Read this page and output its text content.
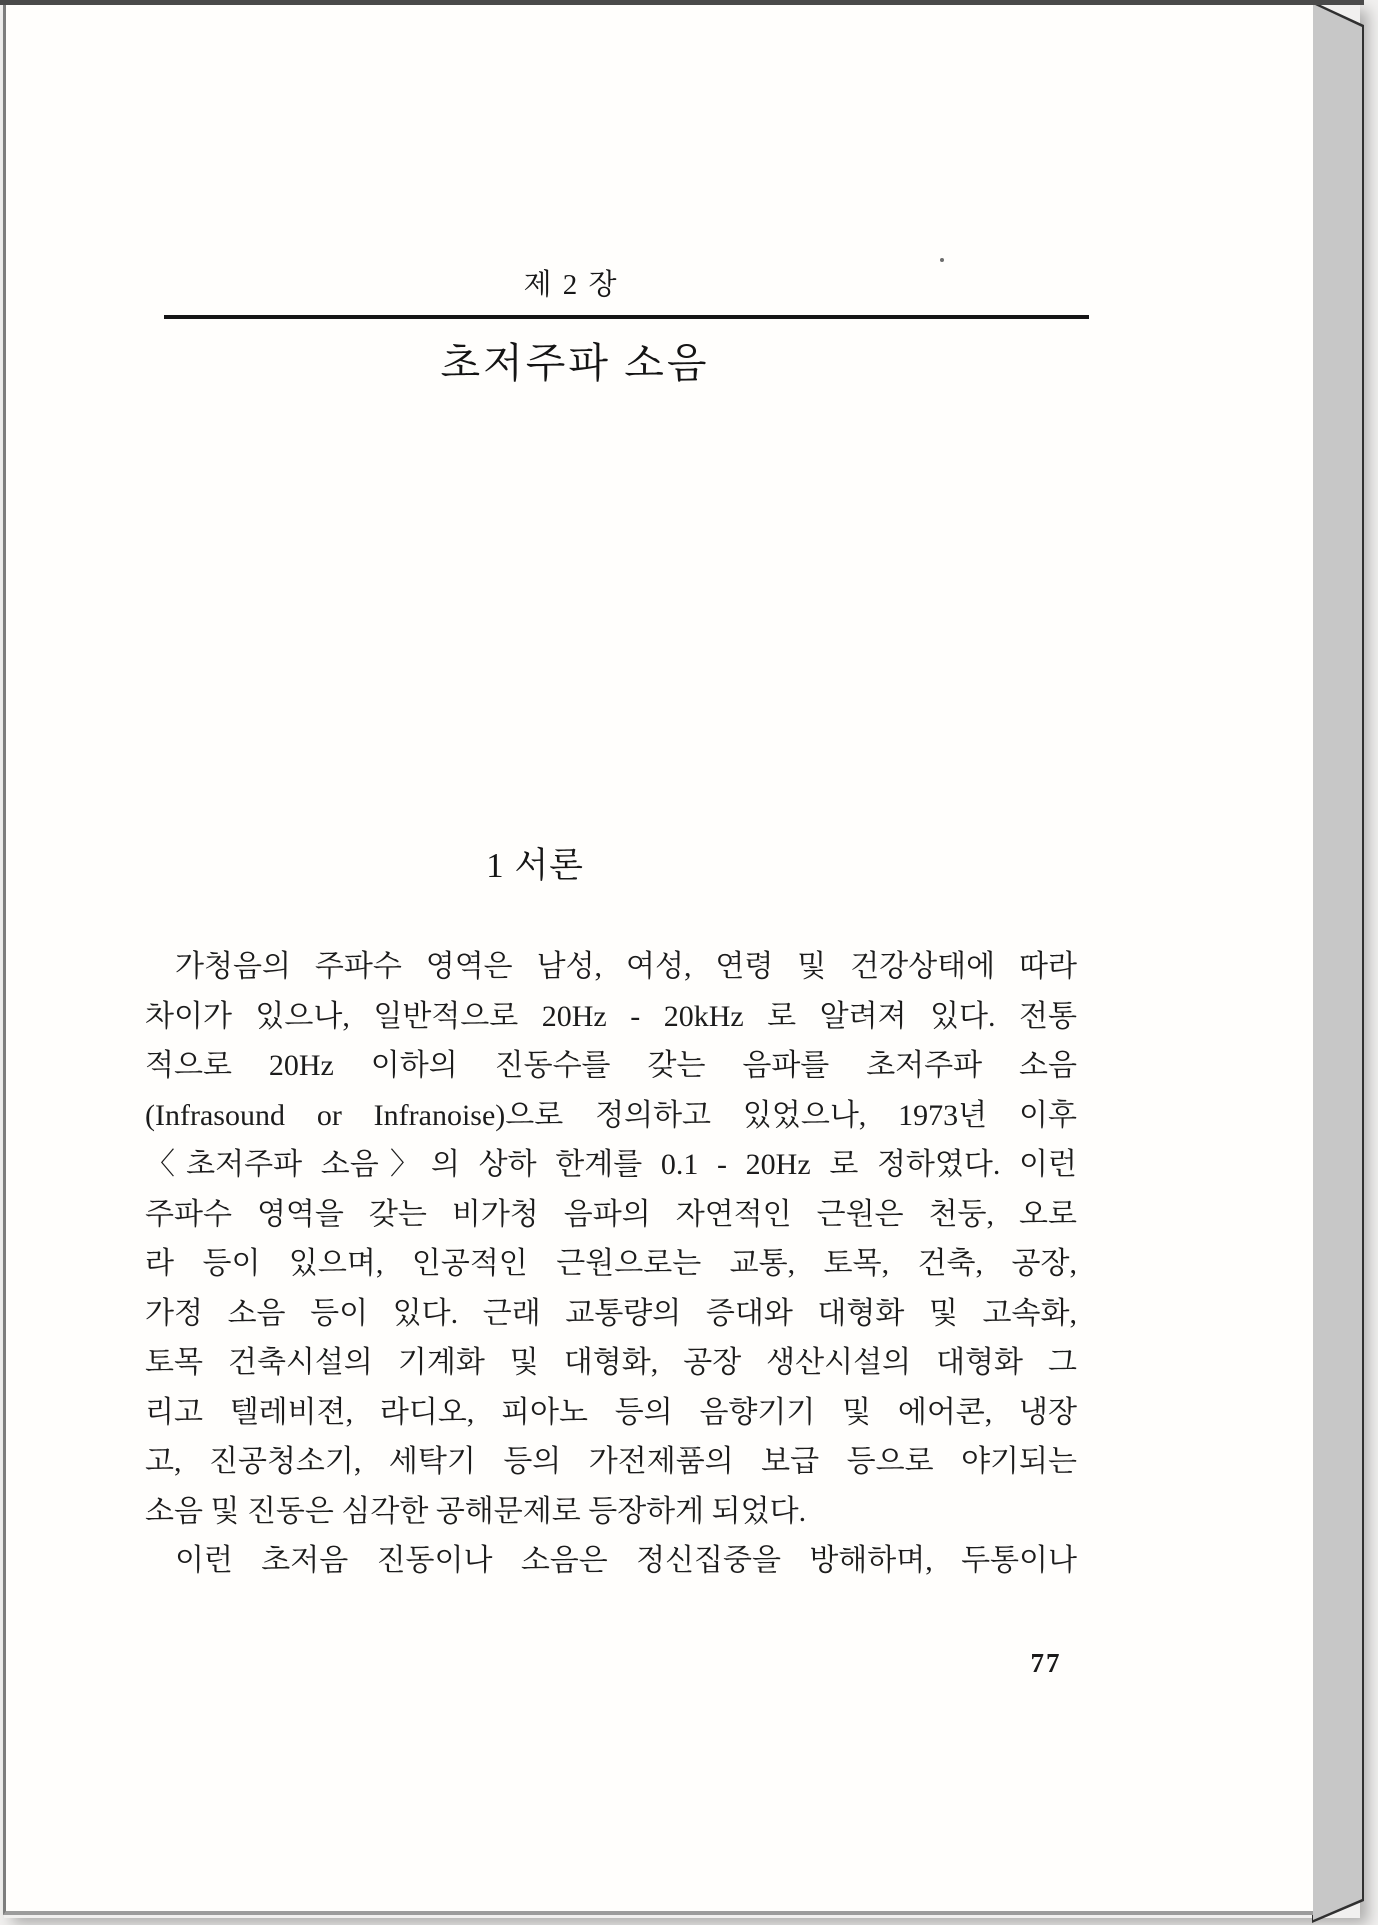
제 2 장
초저주파 소음
1 서론
가청음의 주파수 영역은 남성, 여성, 연령 및 건강상태에 따라
차이가 있으나, 일반적으로 20Hz - 20kHz 로 알려져 있다. 전통
적으로 20Hz 이하의 진동수를 갖는 음파를 초저주파 소음
(Infrasound or Infranoise)으로 정의하고 있었으나, 1973년 이후
〈초저주파 소음〉의 상하 한계를 0.1 - 20Hz 로 정하였다. 이런
주파수 영역을 갖는 비가청 음파의 자연적인 근원은 천둥, 오로
라 등이 있으며, 인공적인 근원으로는 교통, 토목, 건축, 공장,
가정 소음 등이 있다. 근래 교통량의 증대와 대형화 및 고속화,
토목 건축시설의 기계화 및 대형화, 공장 생산시설의 대형화 그
리고 텔레비젼, 라디오, 피아노 등의 음향기기 및 에어콘, 냉장
고, 진공청소기, 세탁기 등의 가전제품의 보급 등으로 야기되는
소음 및 진동은 심각한 공해문제로 등장하게 되었다.
이런 초저음 진동이나 소음은 정신집중을 방해하며, 두통이나
77
